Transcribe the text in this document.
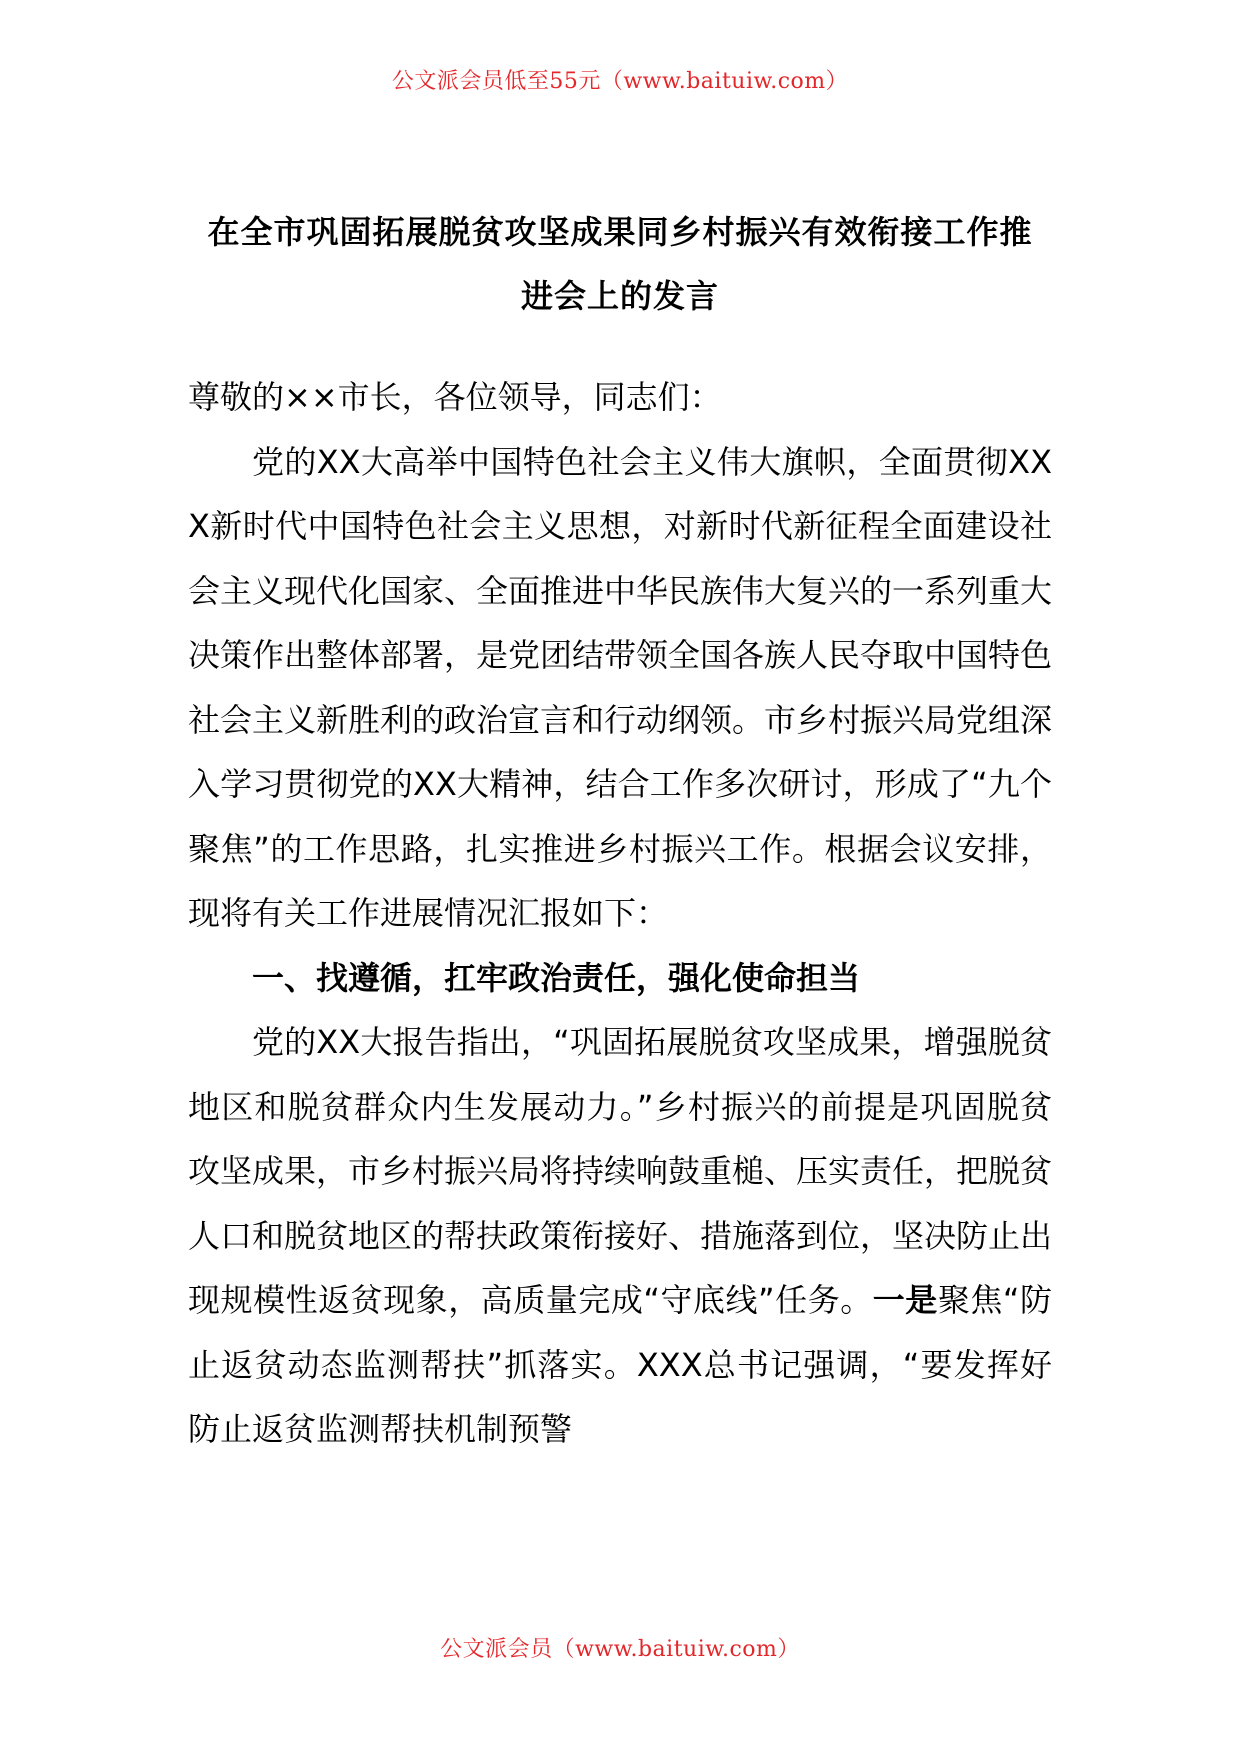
公文派会员低至55元（www.baituiw.com）
在全市巩固拓展脱贫攻坚成果同乡村振兴有效衔接工作推
进会上的发言

尊敬的××市长，各位领导，同志们：

党的XX大高举中国特色社会主义伟大旗帜，全面贯彻XXX新时代中国特色社会主义思想，对新时代新征程全面建设社会主义现代化国家、全面推进中华民族伟大复兴的一系列重大决策作出整体部署，是党团结带领全国各族人民夺取中国特色社会主义新胜利的政治宣言和行动纲领。市乡村振兴局党组深入学习贯彻党的XX大精神，结合工作多次研讨，形成了“九个聚焦”的工作思路，扎实推进乡村振兴工作。根据会议安排，现将有关工作进展情况汇报如下：

一、找遵循，扛牢政治责任，强化使命担当

党的XX大报告指出，“巩固拓展脱贫攻坚成果，增强脱贫地区和脱贫群众内生发展动力。”乡村振兴的前提是巩固脱贫攻坚成果，市乡村振兴局将持续响鼓重槌、压实责任，把脱贫人口和脱贫地区的帮扶政策衔接好、措施落到位，坚决防止出现规模性返贫现象，高质量完成“守底线”任务。一是聚焦“防止返贫动态监测帮扶”抓落实。XXX总书记强调，“要发挥好防止返贫监测帮扶机制预警

公文派会员（www.baituiw.com）
